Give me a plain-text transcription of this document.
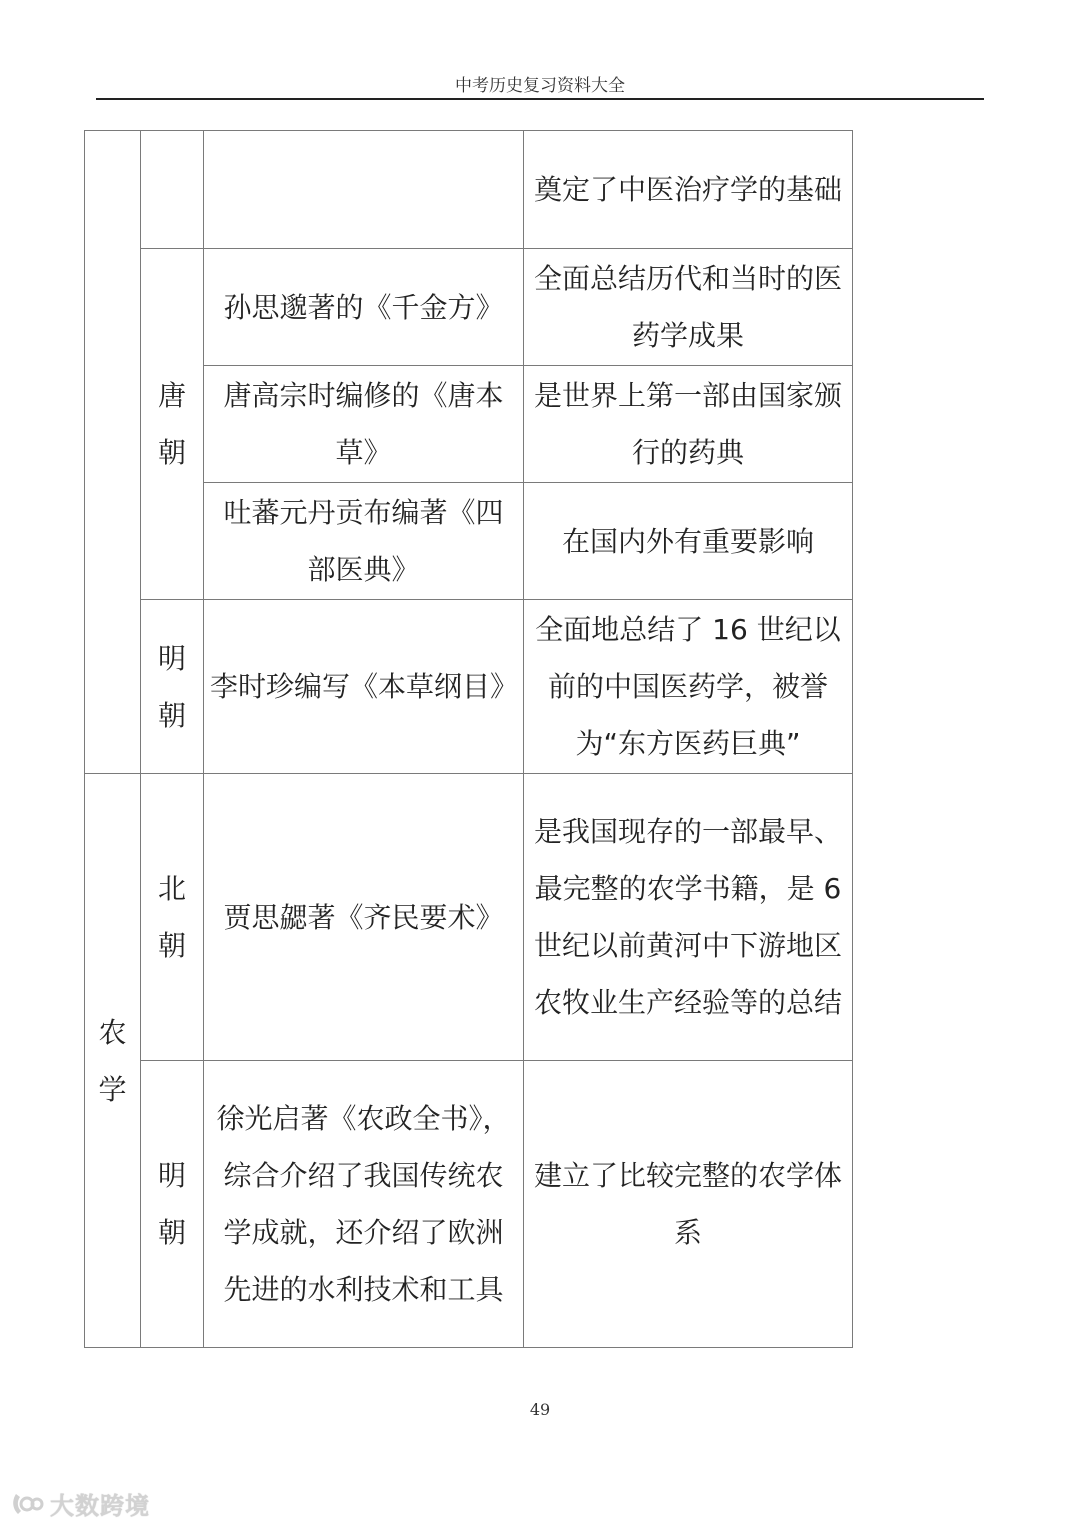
中考历史复习资料大全
			奠定了中医治疗学的基础
	唐朝	孙思邈著的《千金方》	全面总结历代和当时的医药学成果
		唐高宗时编修的《唐本草》	是世界上第一部由国家颁行的药典
		吐蕃元丹贡布编著《四部医典》	在国内外有重要影响
	明朝	李时珍编写《本草纲目》	全面地总结了 16 世纪以前的中国医药学，被誉为“东方医药巨典”
农学	北朝	贾思勰著《齐民要术》	是我国现存的一部最早、最完整的农学书籍，是 6 世纪以前黄河中下游地区农牧业生产经验等的总结
	明朝	徐光启著《农政全书》，综合介绍了我国传统农学成就，还介绍了欧洲先进的水利技术和工具	建立了比较完整的农学体系
49
大数跨境
